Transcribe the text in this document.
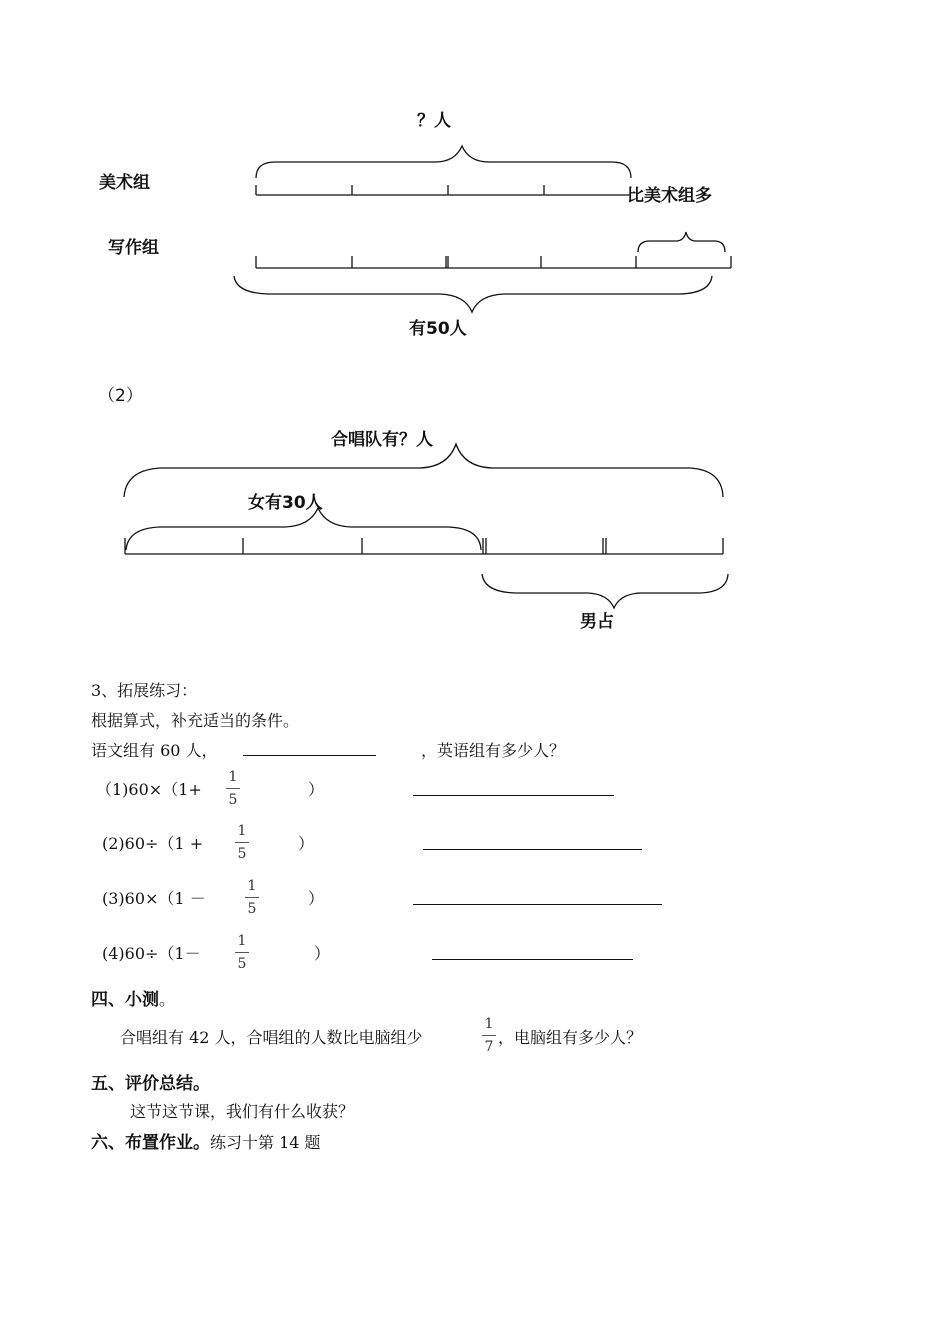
？人
美术组
写作组
比美术组多
有50人
（2）
合唱队有？人
女有30人
男占
3、拓展练习：
根据算式，补充适当的条件。
语文组有 60 人，	，英语组有多少人？
（1)60×（1+
1
5
）
(2)60÷（1 +
1
5
）
(3)60×（1 －
1
5
）
(4)60÷（1－
1
5
）
四、小测。
合唱组有 42 人，合唱组的人数比电脑组少
1
7 ，电脑组有多少人？
五、评价总结。
这节这节课，我们有什么收获？
六、布置作业。练习十第 14 题
